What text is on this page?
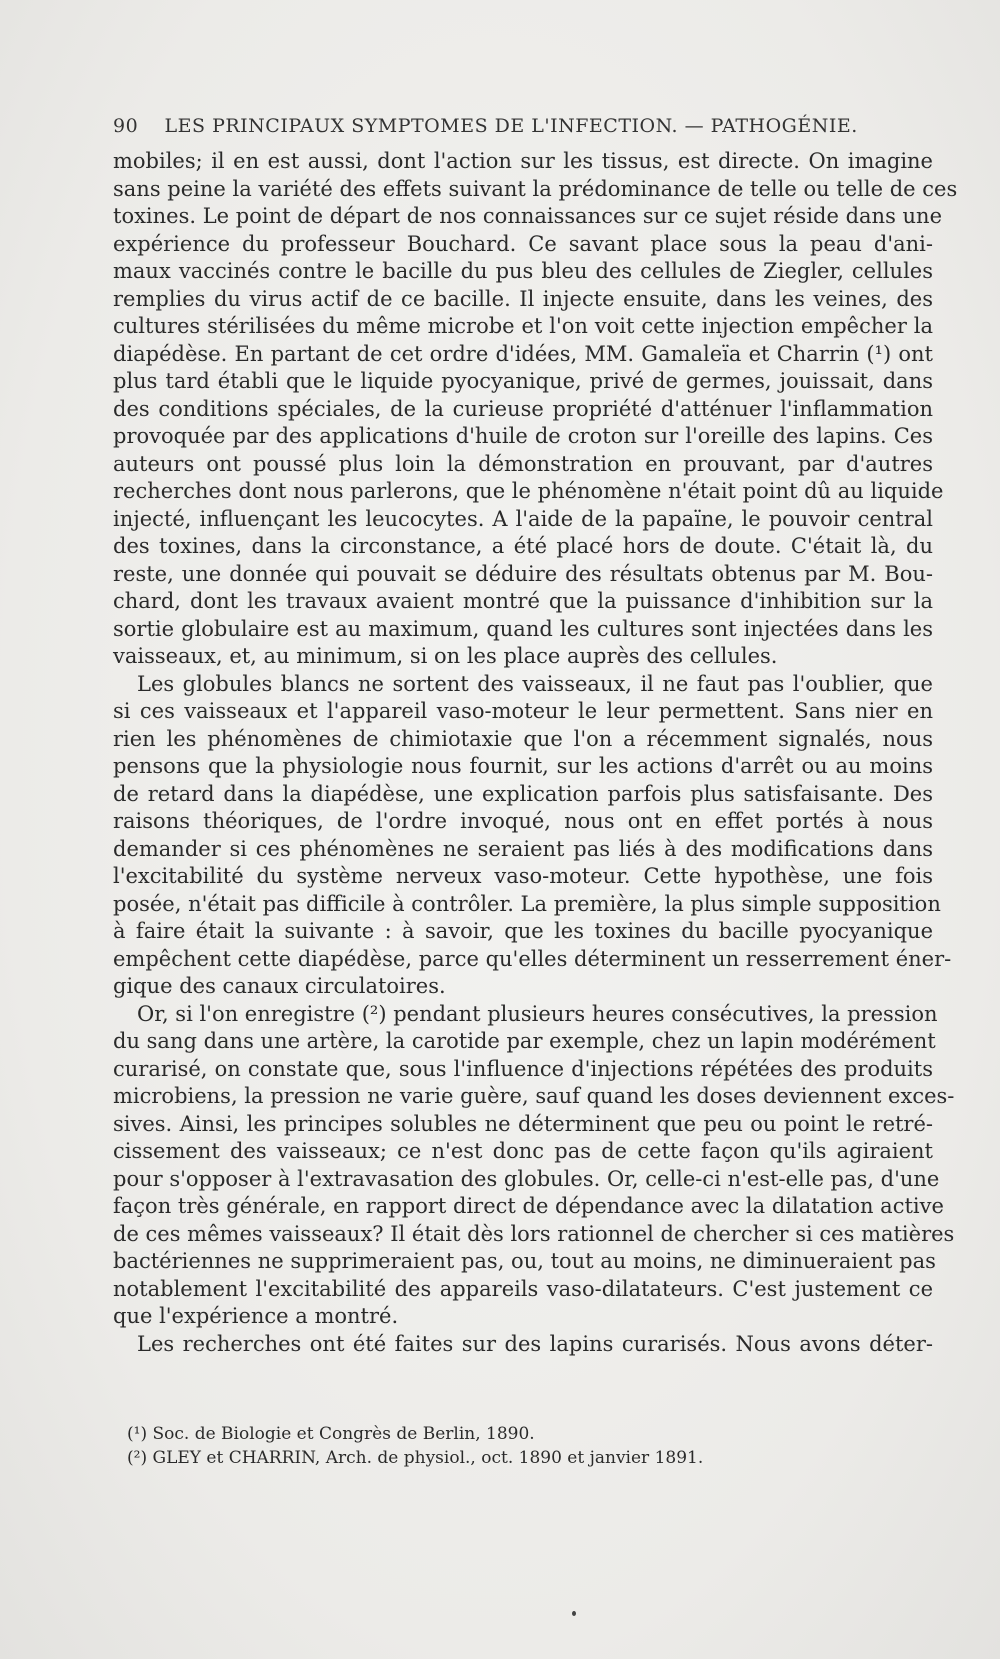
90 LES PRINCIPAUX SYMPTOMES DE L'INFECTION. — PATHOGÉNIE.
mobiles; il en est aussi, dont l'action sur les tissus, est directe. On imagine
sans peine la variété des effets suivant la prédominance de telle ou telle de ces
toxines. Le point de départ de nos connaissances sur ce sujet réside dans une
expérience du professeur Bouchard. Ce savant place sous la peau d'ani-
maux vaccinés contre le bacille du pus bleu des cellules de Ziegler, cellules
remplies du virus actif de ce bacille. Il injecte ensuite, dans les veines, des
cultures stérilisées du même microbe et l'on voit cette injection empêcher la
diapédèse. En partant de cet ordre d'idées, MM. Gamaleïa et Charrin (¹) ont
plus tard établi que le liquide pyocyanique, privé de germes, jouissait, dans
des conditions spéciales, de la curieuse propriété d'atténuer l'inflammation
provoquée par des applications d'huile de croton sur l'oreille des lapins. Ces
auteurs ont poussé plus loin la démonstration en prouvant, par d'autres
recherches dont nous parlerons, que le phénomène n'était point dû au liquide
injecté, influençant les leucocytes. A l'aide de la papaïne, le pouvoir central
des toxines, dans la circonstance, a été placé hors de doute. C'était là, du
reste, une donnée qui pouvait se déduire des résultats obtenus par M. Bou-
chard, dont les travaux avaient montré que la puissance d'inhibition sur la
sortie globulaire est au maximum, quand les cultures sont injectées dans les
vaisseaux, et, au minimum, si on les place auprès des cellules.
Les globules blancs ne sortent des vaisseaux, il ne faut pas l'oublier, que
si ces vaisseaux et l'appareil vaso-moteur le leur permettent. Sans nier en
rien les phénomènes de chimiotaxie que l'on a récemment signalés, nous
pensons que la physiologie nous fournit, sur les actions d'arrêt ou au moins
de retard dans la diapédèse, une explication parfois plus satisfaisante. Des
raisons théoriques, de l'ordre invoqué, nous ont en effet portés à nous
demander si ces phénomènes ne seraient pas liés à des modifications dans
l'excitabilité du système nerveux vaso-moteur. Cette hypothèse, une fois
posée, n'était pas difficile à contrôler. La première, la plus simple supposition
à faire était la suivante : à savoir, que les toxines du bacille pyocyanique
empêchent cette diapédèse, parce qu'elles déterminent un resserrement éner-
gique des canaux circulatoires.
Or, si l'on enregistre (²) pendant plusieurs heures consécutives, la pression
du sang dans une artère, la carotide par exemple, chez un lapin modérément
curarisé, on constate que, sous l'influence d'injections répétées des produits
microbiens, la pression ne varie guère, sauf quand les doses deviennent exces-
sives. Ainsi, les principes solubles ne déterminent que peu ou point le retré-
cissement des vaisseaux; ce n'est donc pas de cette façon qu'ils agiraient
pour s'opposer à l'extravasation des globules. Or, celle-ci n'est-elle pas, d'une
façon très générale, en rapport direct de dépendance avec la dilatation active
de ces mêmes vaisseaux? Il était dès lors rationnel de chercher si ces matières
bactériennes ne supprimeraient pas, ou, tout au moins, ne diminueraient pas
notablement l'excitabilité des appareils vaso-dilatateurs. C'est justement ce
que l'expérience a montré.
Les recherches ont été faites sur des lapins curarisés. Nous avons déter-
(¹) Soc. de Biologie et Congrès de Berlin, 1890.
(²) GLEY et CHARRIN, Arch. de physiol., oct. 1890 et janvier 1891.
